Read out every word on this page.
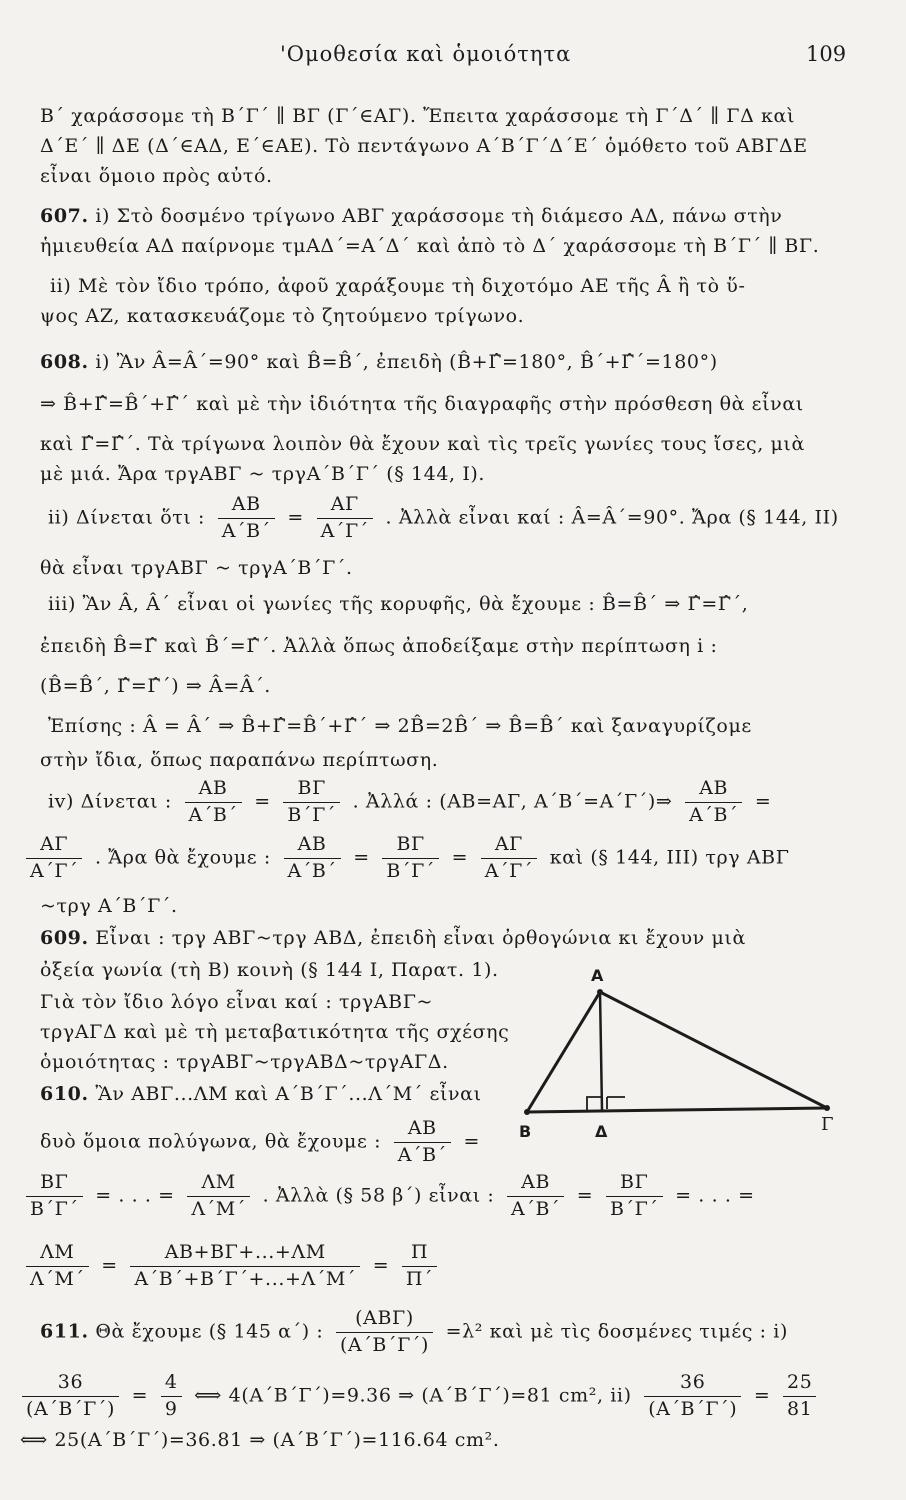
'Ομοθεσία καὶ ὁμοιότητα	109
Β΄ χαράσσομε τὴ Β΄Γ΄ ∥ ΒΓ (Γ΄∈ΑΓ). Ἔπειτα χαράσσομε τὴ Γ΄Δ΄ ∥ ΓΔ καὶ
Δ΄Ε΄ ∥ ΔΕ (Δ΄∈ΑΔ, Ε΄∈ΑΕ). Τὸ πεντάγωνο Α΄Β΄Γ΄Δ΄Ε΄ ὁμόθετο τοῦ ΑΒΓΔΕ
εἶναι ὅμοιο πρὸς αὐτό.
607. i) Στὸ δοσμένο τρίγωνο ΑΒΓ χαράσσομε τὴ διάμεσο ΑΔ, πάνω στὴν
ἡμιευθεία ΑΔ παίρνομε τμΑΔ΄=Α΄Δ΄ καὶ ἀπὸ τὸ Δ΄ χαράσσομε τὴ Β΄Γ΄ ∥ ΒΓ.
ii) Μὲ τὸν ἴδιο τρόπο, ἀφοῦ χαράξουμε τὴ διχοτόμο ΑΕ τῆς Â ἢ τὸ ὕ-
ψος ΑΖ, κατασκευάζομε τὸ ζητούμενο τρίγωνο.
608. i) Ἂν Â=Â΄=90° καὶ B̂=B̂΄, ἐπειδὴ (B̂+Γ̂=180°, B̂΄+Γ̂΄=180°)
⇒ B̂+Γ̂=B̂΄+Γ̂΄ καὶ μὲ τὴν ἰδιότητα τῆς διαγραφῆς στὴν πρόσθεση θὰ εἶναι
καὶ Γ̂=Γ̂΄. Τὰ τρίγωνα λοιπὸν θὰ ἔχουν καὶ τὶς τρεῖς γωνίες τους ἴσες, μιὰ
μὲ μιά. Ἄρα τργΑΒΓ ~ τργΑ΄Β΄Γ΄ (§ 144, I).
ii) Δίνεται ὅτι : $\frac{AB}{A΄B΄} = \frac{A\Gamma}{A΄\Gamma΄}$ . Ἀλλὰ εἶναι καί : Â=Â΄=90°. Ἄρα (§ 144, II)
θὰ εἶναι τργΑΒΓ ~ τργΑ΄Β΄Γ΄.
iii) Ἂν Â, Â΄ εἶναι οἱ γωνίες τῆς κορυφῆς, θὰ ἔχουμε : B̂=B̂΄ ⇒ Γ̂=Γ̂΄,
ἐπειδὴ B̂=Γ̂ καὶ B̂΄=Γ̂΄. Ἀλλὰ ὅπως ἀποδείξαμε στὴν περίπτωση i :
(B̂=B̂΄, Γ̂=Γ̂΄) ⇒ Â=Â΄.
Ἐπίσης : Â = Â΄ ⇒ B̂+Γ̂=B̂΄+Γ̂΄ ⇒ 2B̂=2B̂΄ ⇒ B̂=B̂΄ καὶ ξαναγυρίζομε
στὴν ἴδια, ὅπως παραπάνω περίπτωση.
iv) Δίνεται : $\frac{AB}{A΄B΄} = \frac{B\Gamma}{B΄\Gamma΄}$ . Ἀλλά : (ΑΒ=ΑΓ, Α΄Β΄=Α΄Γ΄)⇒ $\frac{AB}{A΄B΄}$ =
$\frac{A\Gamma}{A΄\Gamma΄}$ . Ἄρα θὰ ἔχουμε : $\frac{AB}{A΄B΄} = \frac{B\Gamma}{B΄\Gamma΄} = \frac{A\Gamma}{A΄\Gamma΄}$ καὶ (§ 144, III) τργ ΑΒΓ
~τργ Α΄Β΄Γ΄.
609. Εἶναι : τργ ΑΒΓ~τργ ΑΒΔ, ἐπειδὴ εἶναι ὀρθογώνια κι ἔχουν μιὰ
ὀξεία γωνία (τὴ Β) κοινὴ (§ 144 I, Παρατ. 1).
Γιὰ τὸν ἴδιο λόγο εἶναι καί : τργΑΒΓ~
τργΑΓΔ καὶ μὲ τὴ μεταβατικότητα τῆς σχέσης
ὁμοιότητας : τργΑΒΓ~τργΑΒΔ~τργΑΓΔ.
610. Ἂν ΑΒΓ...ΛΜ καὶ Α΄Β΄Γ΄...Λ΄Μ΄ εἶναι
δυὸ ὅμοια πολύγωνα, θὰ ἔχουμε : $\frac{AB}{A΄B΄}$ =
$\frac{B\Gamma}{B΄\Gamma΄}$ = . . . = $\frac{\Lambda M}{\Lambda΄M΄}$ . Ἀλλὰ (§ 58 β΄) εἶναι : $\frac{AB}{A΄B΄} = \frac{B\Gamma}{B΄\Gamma΄}$ = . . . =
$\frac{\Lambda M}{\Lambda΄M΄} = \frac{AB+B\Gamma+...+\Lambda M}{A΄B΄+B΄\Gamma΄+...+\Lambda΄M΄} = \frac{\Pi}{\Pi΄}$
611. Θὰ ἔχουμε (§ 145 α΄) : $\frac{\text{(ΑΒΓ)}}{(A΄B΄\Gamma΄)} =\lambda^2$ καὶ μὲ τὶς δοσμένες τιμές : i)
$\frac{36}{(A΄B΄\Gamma΄)} = \frac{4}{9}$ ⟺ 4(Α΄Β΄Γ΄)=9.36 ⇒ (Α΄Β΄Γ΄)=81 cm², $ii) \frac{36}{(A΄B΄\Gamma΄)} = \frac{25}{81}$
⟺ 25(Α΄Β΄Γ΄)=36.81 ⇒ (Α΄Β΄Γ΄)=116.64 cm².
Α
Β	Δ	Γ
